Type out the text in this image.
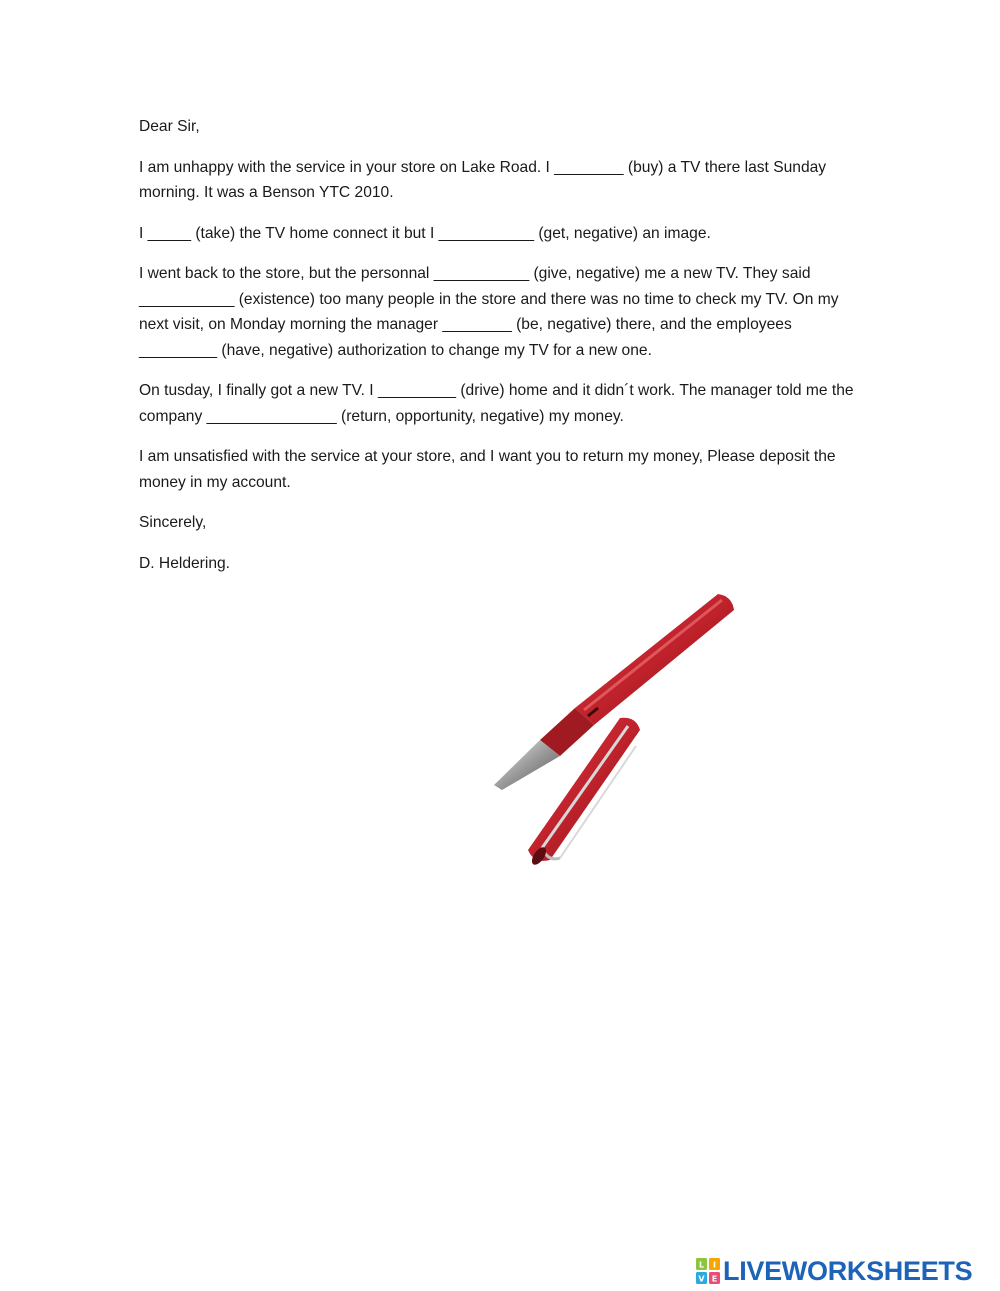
Dear Sir,

I am unhappy with the service in your store on Lake Road. I ________ (buy) a TV there last Sunday morning. It was a Benson YTC 2010.

I _____ (take) the TV home connect it but I ___________ (get, negative) an image.

I went back to the store, but the personnal ___________ (give, negative) me a new TV. They said ___________ (existence) too many people in the store and there was no time to check my TV. On my next visit, on Monday morning the manager ________ (be, negative) there, and the employees _________ (have, negative) authorization to change my TV for a new one.

On tusday, I finally got a new TV. I _________ (drive) home and it didn´t work. The manager told me the company _______________ (return, opportunity, negative) my money.

I am unsatisfied with the service at your store, and I want you to return my money, Please deposit the money in my account.

Sincerely,

D. Heldering.

L I
V E LIVEWORKSHEETS
